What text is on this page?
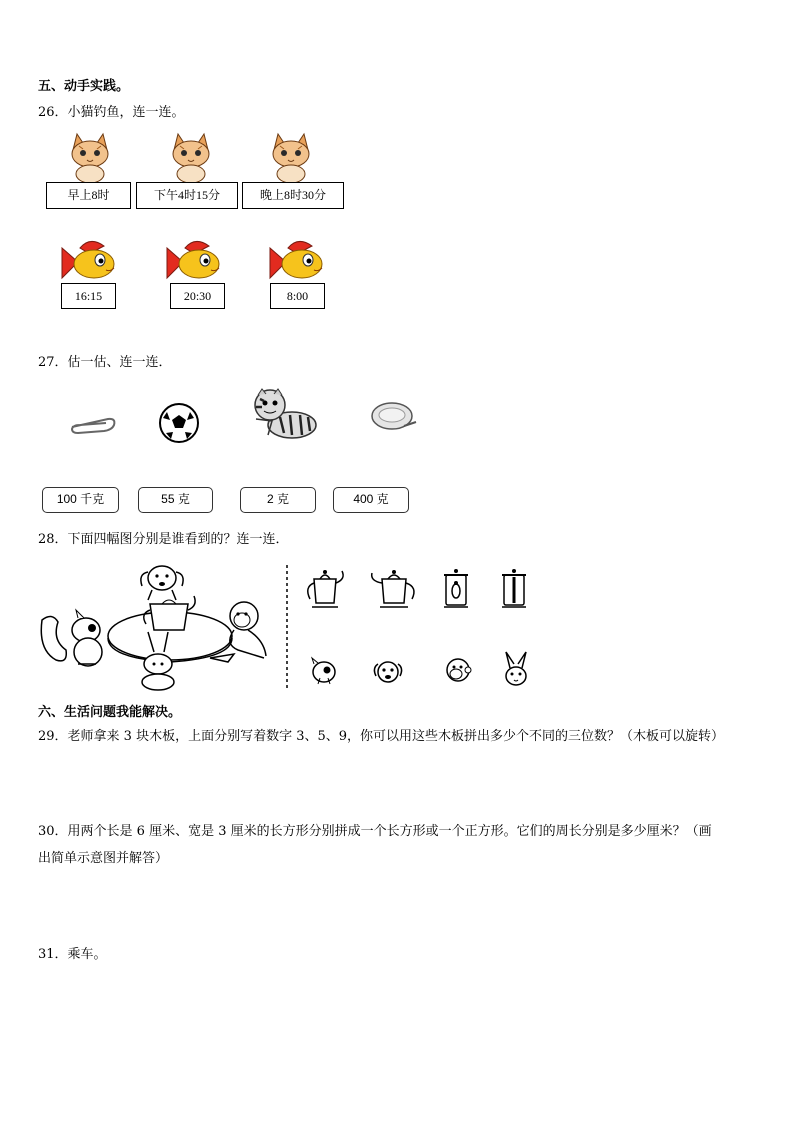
五、动手实践。
26．小猫钓鱼，连一连。
早上8时	下午4时15分	晚上8时30分
16:15	20:30	8:00
27．估一估、连一连．
100 千克	55 克	2 克	400 克
28．下面四幅图分别是谁看到的？连一连．
六、生活问题我能解决。
29．老师拿来 3 块木板，上面分别写着数字 3、5、9，你可以用这些木板拼出多少个不同的三位数？（木板可以旋转）
30．用两个长是 6 厘米、宽是 3 厘米的长方形分别拼成一个长方形或一个正方形。它们的周长分别是多少厘米？（画
出简单示意图并解答）
31．乘车。
